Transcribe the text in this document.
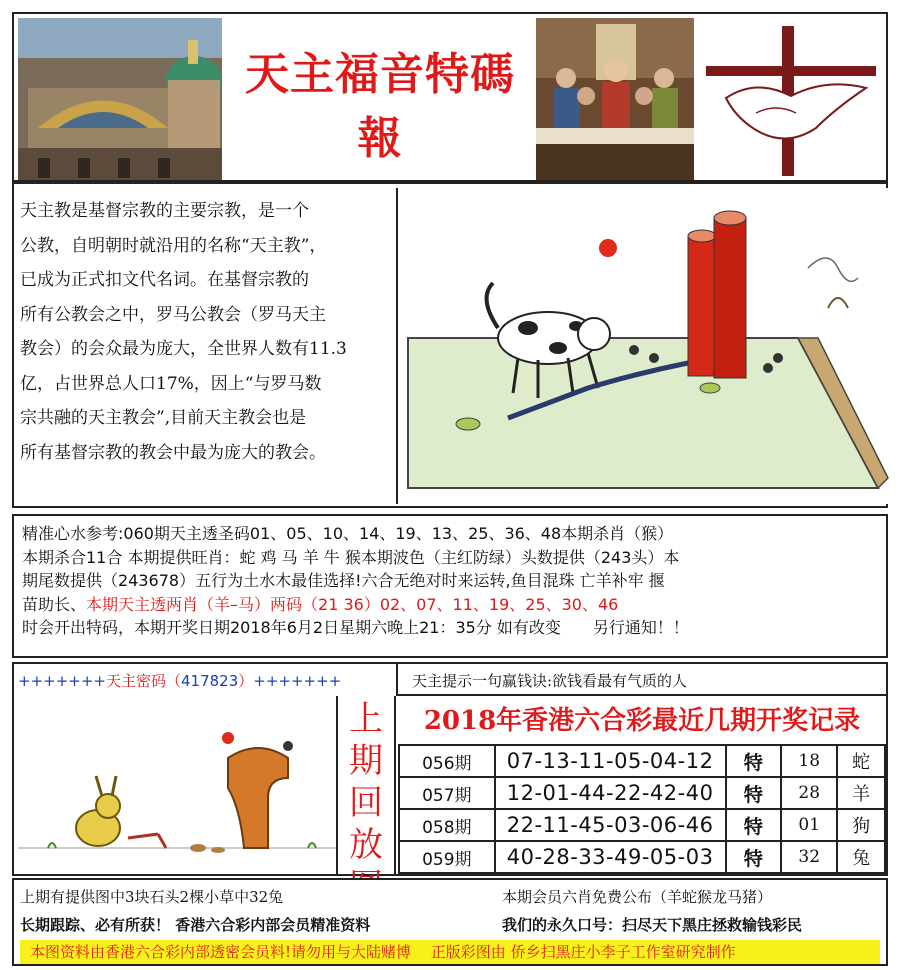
天主福音特碼報
天主教是基督宗教的主要宗教，是一个
公教，自明朝时就沿用的名称“天主教”，
已成为正式扣文代名词。在基督宗教的
所有公教会之中，罗马公教会（罗马天主
教会）的会众最为庞大，全世界人数有11.3
亿，占世界总人口17%，因上“与罗马数
宗共融的天主教会”,目前天主教会也是
所有基督宗教的教会中最为庞大的教会。

精准心水参考:060期天主透圣码01、05、10、14、19、13、25、36、48本期杀肖（猴）

本期杀合11合 本期提供旺肖：蛇 鸡 马 羊 牛 猴本期波色（主红防绿）头数提供（243头）本

期尾数提供（243678）五行为土水木最佳选择!六合无绝对时来运转,鱼目混珠 亡羊补牢 揠

苗助长、本期天主透两肖（羊–马）两码（21 36）02、07、11、19、25、30、46

时会开出特码，本期开奖日期2018年6月2日星期六晚上21：35分 如有改变　　另行通知！！

+++++++天主密码（417823）+++++++	天主提示一句赢钱诀:欲钱看最有气质的人
上
期
回
放
2018年香港六合彩最近几期开奖记录
056期	07-13-11-05-04-12	特	18	蛇
057期	12-01-44-22-42-40	特	28	羊
058期	22-11-45-03-06-46	特	01	狗
059期	40-28-33-49-05-03	特	32	兔
上期有提供图中3块石头2棵小草中32兔	本期会员六肖免费公布（羊蛇猴龙马猪）
长期跟踪、必有所获！ 香港六合彩内部会员精准资料	我们的永久口号：扫尽天下黑庄拯救输钱彩民
本图资料由香港六合彩内部透密会员料!请勿用与大陆赌博　 正版彩图由 侨乡扫黑庄小李子工作室研究制作
